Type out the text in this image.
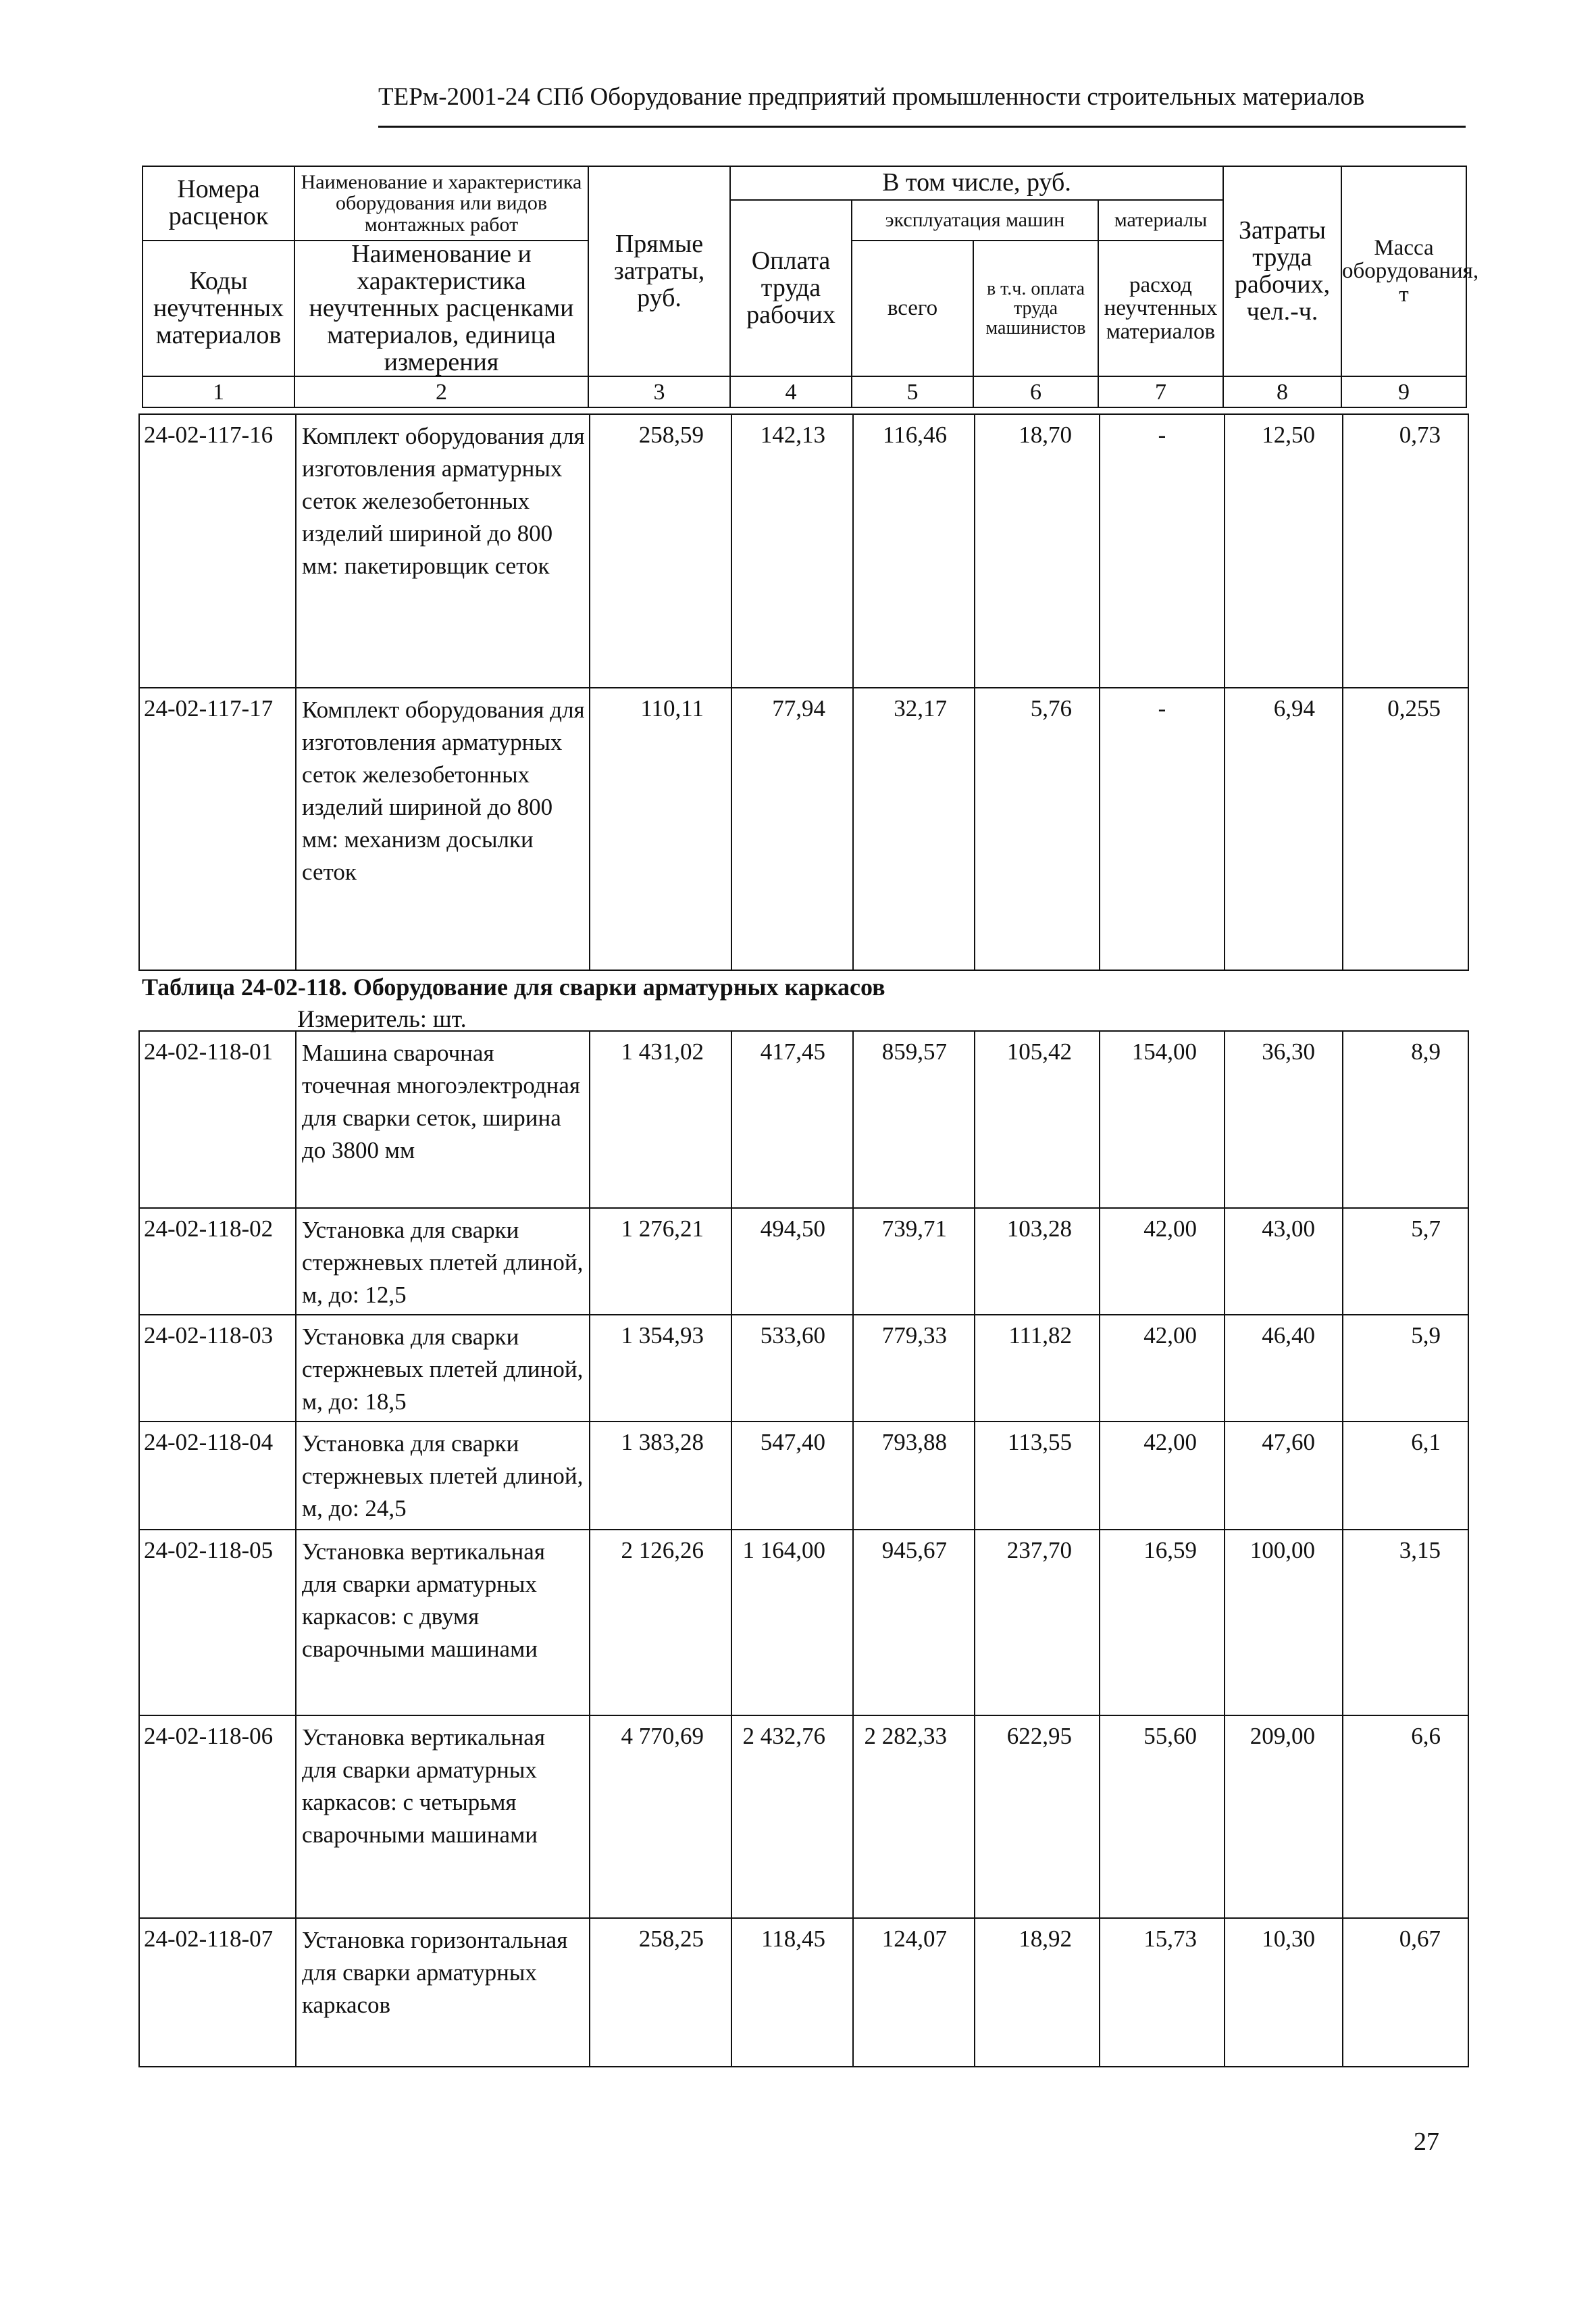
ТЕРм-2001-24 СПб Оборудование предприятий промышленности строительных материалов
Номера расценок	Наименование и характеристика оборудования или видов монтажных работ	Прямые затраты, руб.	В том числе, руб.				Затраты труда рабочих, чел.-ч.	Масса оборудования, т
			Оплата труда рабочих	эксплуатация машин		материалы		
Коды неучтенных материалов	Наименование и характеристика неучтенных расценками материалов, единица измерения			всего	в т.ч. оплата труда машинистов	расход неучтенных материалов		

1	2	3	4	5	6	7	8	9
24-02-117-16	Комплект оборудования для изготовления арматурных сеток железобетонных изделий шириной до 800 мм: пакетировщик сеток	258,59	142,13	116,46	18,70	-	12,50	0,73
24-02-117-17	Комплект оборудования для изготовления арматурных сеток железобетонных изделий шириной до 800 мм: механизм досылки сеток	110,11	77,94	32,17	5,76	-	6,94	0,255
Таблица 24-02-118. Оборудование для сварки арматурных каркасов
Измеритель: шт.
24-02-118-01	Машина сварочная точечная многоэлектродная для сварки сеток, ширина до 3800 мм	1 431,02	417,45	859,57	105,42	154,00	36,30	8,9
24-02-118-02	Установка для сварки стержневых плетей длиной, м, до: 12,5	1 276,21	494,50	739,71	103,28	42,00	43,00	5,7
24-02-118-03	Установка для сварки стержневых плетей длиной, м, до: 18,5	1 354,93	533,60	779,33	111,82	42,00	46,40	5,9
24-02-118-04	Установка для сварки стержневых плетей длиной, м, до: 24,5	1 383,28	547,40	793,88	113,55	42,00	47,60	6,1
24-02-118-05	Установка вертикальная для сварки арматурных каркасов: с двумя сварочными машинами	2 126,26	1 164,00	945,67	237,70	16,59	100,00	3,15
24-02-118-06	Установка вертикальная для сварки арматурных каркасов: с четырьмя сварочными машинами	4 770,69	2 432,76	2 282,33	622,95	55,60	209,00	6,6
24-02-118-07	Установка горизонтальная для сварки арматурных каркасов	258,25	118,45	124,07	18,92	15,73	10,30	0,67
27
